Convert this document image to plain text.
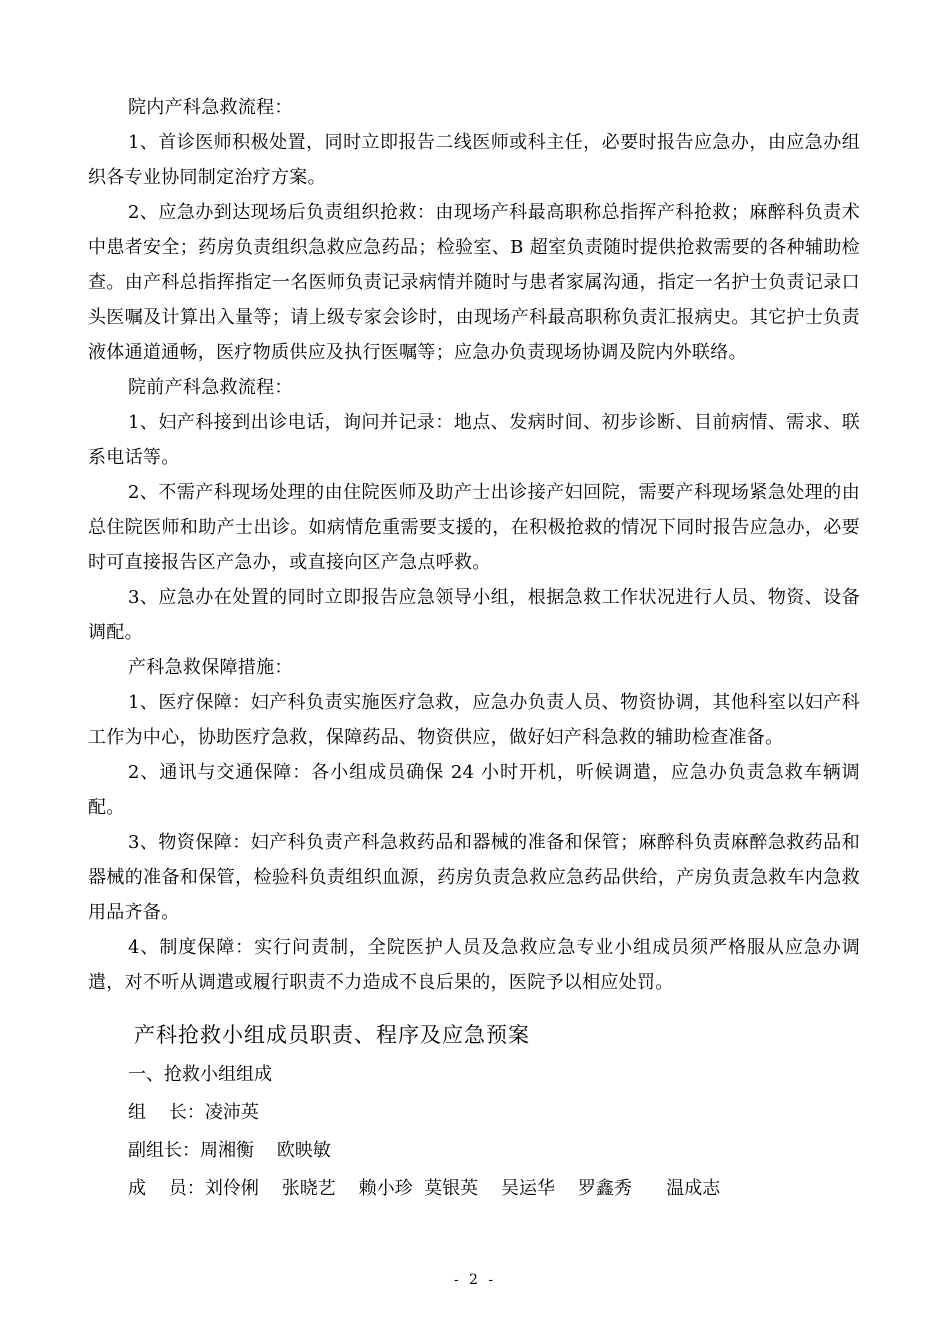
院内产科急救流程：

1、首诊医师积极处置，同时立即报告二线医师或科主任，必要时报告应急办，由应急办组织各专业协同制定治疗方案。

2、应急办到达现场后负责组织抢救：由现场产科最高职称总指挥产科抢救；麻醉科负责术中患者安全；药房负责组织急救应急药品；检验室、B 超室负责随时提供抢救需要的各种辅助检查。由产科总指挥指定一名医师负责记录病情并随时与患者家属沟通，指定一名护士负责记录口头医嘱及计算出入量等；请上级专家会诊时，由现场产科最高职称负责汇报病史。其它护士负责液体通道通畅，医疗物质供应及执行医嘱等；应急办负责现场协调及院内外联络。

院前产科急救流程：

1、妇产科接到出诊电话，询问并记录：地点、发病时间、初步诊断、目前病情、需求、联系电话等。

2、不需产科现场处理的由住院医师及助产士出诊接产妇回院，需要产科现场紧急处理的由总住院医师和助产士出诊。如病情危重需要支援的，在积极抢救的情况下同时报告应急办，必要时可直接报告区产急办，或直接向区产急点呼救。

3、应急办在处置的同时立即报告应急领导小组，根据急救工作状况进行人员、物资、设备调配。

产科急救保障措施：

1、医疗保障：妇产科负责实施医疗急救，应急办负责人员、物资协调，其他科室以妇产科工作为中心，协助医疗急救，保障药品、物资供应，做好妇产科急救的辅助检查准备。

2、通讯与交通保障：各小组成员确保 24 小时开机，听候调遣，应急办负责急救车辆调配。

3、物资保障：妇产科负责产科急救药品和器械的准备和保管；麻醉科负责麻醉急救药品和器械的准备和保管，检验科负责组织血源，药房负责急救应急药品供给，产房负责急救车内急救用品齐备。

4、制度保障：实行问责制，全院医护人员及急救应急专业小组成员须严格服从应急办调遣，对不听从调遣或履行职责不力造成不良后果的，医院予以相应处罚。

产科抢救小组成员职责、程序及应急预案

一、抢救小组组成

组    长：凌沛英

副组长：周湘衡    欧映敏

成    员：刘伶俐    张晓艺    赖小珍  莫银英    吴运华    罗鑫秀      温成志

- 2 -
